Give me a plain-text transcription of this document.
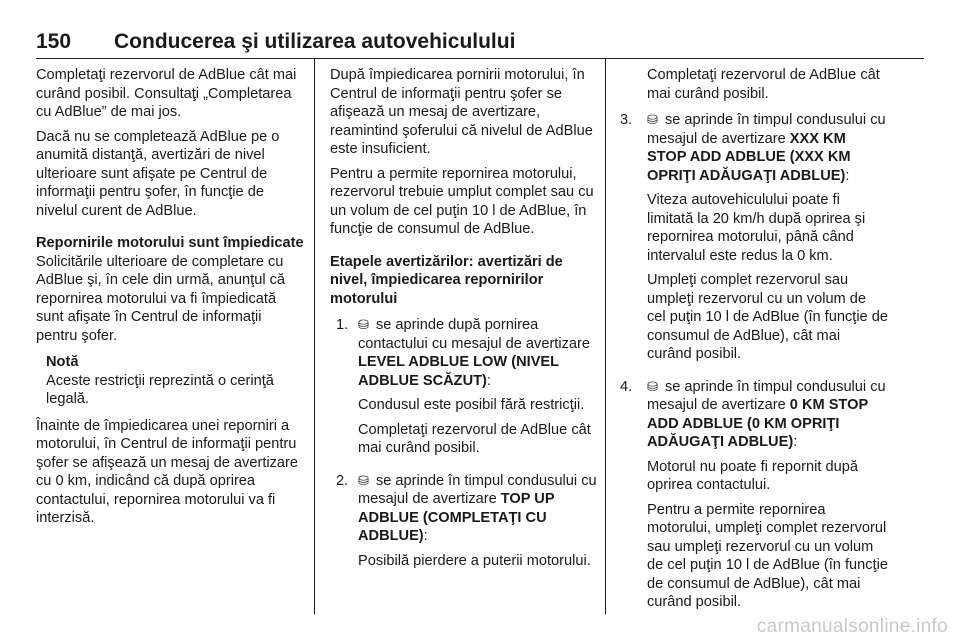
150	Conducerea şi utilizarea autovehiculului

Completaţi rezervorul de AdBlue cât mai curând posibil. Consultaţi „Completarea cu AdBlue” de mai jos.

Dacă nu se completează AdBlue pe o anumită distanţă, avertizări de nivel ulterioare sunt afişate pe Centrul de informaţii pentru şofer, în funcţie de nivelul curent de AdBlue.

Repornirile motorului sunt împiedicate

Solicitările ulterioare de completare cu AdBlue şi, în cele din urmă, anunţul că repornirea motorului va fi împiedicată sunt afişate în Centrul de informaţii pentru şofer.

Notă
Aceste restricţii reprezintă o cerinţă legală.

Înainte de împiedicarea unei reporniri a motorului, în Centrul de informaţii pentru şofer se afişează un mesaj de avertizare cu 0 km, indicând că după oprirea contactului, repornirea motorului va fi interzisă.

După împiedicarea pornirii motorului, în Centrul de informaţii pentru şofer se afişează un mesaj de avertizare, reamintind şoferului că nivelul de AdBlue este insuficient.

Pentru a permite repornirea motorului, rezervorul trebuie umplut complet sau cu un volum de cel puţin 10 l de AdBlue, în funcţie de consumul de AdBlue.

Etapele avertizărilor: avertizări de nivel, împiedicarea repornirilor motorului

1. ⛁ se aprinde după pornirea contactului cu mesajul de avertizare LEVEL ADBLUE LOW (NIVEL ADBLUE SCĂZUT):

Condusul este posibil fără restricţii.

Completaţi rezervorul de AdBlue cât mai curând posibil.

2. ⛁ se aprinde în timpul condusului cu mesajul de avertizare TOP UP ADBLUE (COMPLETAŢI CU ADBLUE):

Posibilă pierdere a puterii motorului.

Completaţi rezervorul de AdBlue cât mai curând posibil.

3.	⛁ se aprinde în timpul condusului cu mesajul de avertizare XXX KM STOP ADD ADBLUE (XXX KM OPRIŢI ADĂUGAŢI ADBLUE):

Viteza autovehiculului poate fi limitată la 20 km/h după oprirea şi repornirea motorului, până când intervalul este redus la 0 km.

Umpleţi complet rezervorul sau umpleţi rezervorul cu un volum de cel puţin 10 l de AdBlue (în funcţie de consumul de AdBlue), cât mai curând posibil.

4.	⛁ se aprinde în timpul condusului cu mesajul de avertizare 0 KM STOP ADD ADBLUE (0 KM OPRIŢI ADĂUGAŢI ADBLUE):

Motorul nu poate fi repornit după oprirea contactului.

Pentru a permite repornirea motorului, umpleţi complet rezervorul sau umpleţi rezervorul cu un volum de cel puţin 10 l de AdBlue (în funcţie de consumul de AdBlue), cât mai curând posibil.

carmanualsonline.info
